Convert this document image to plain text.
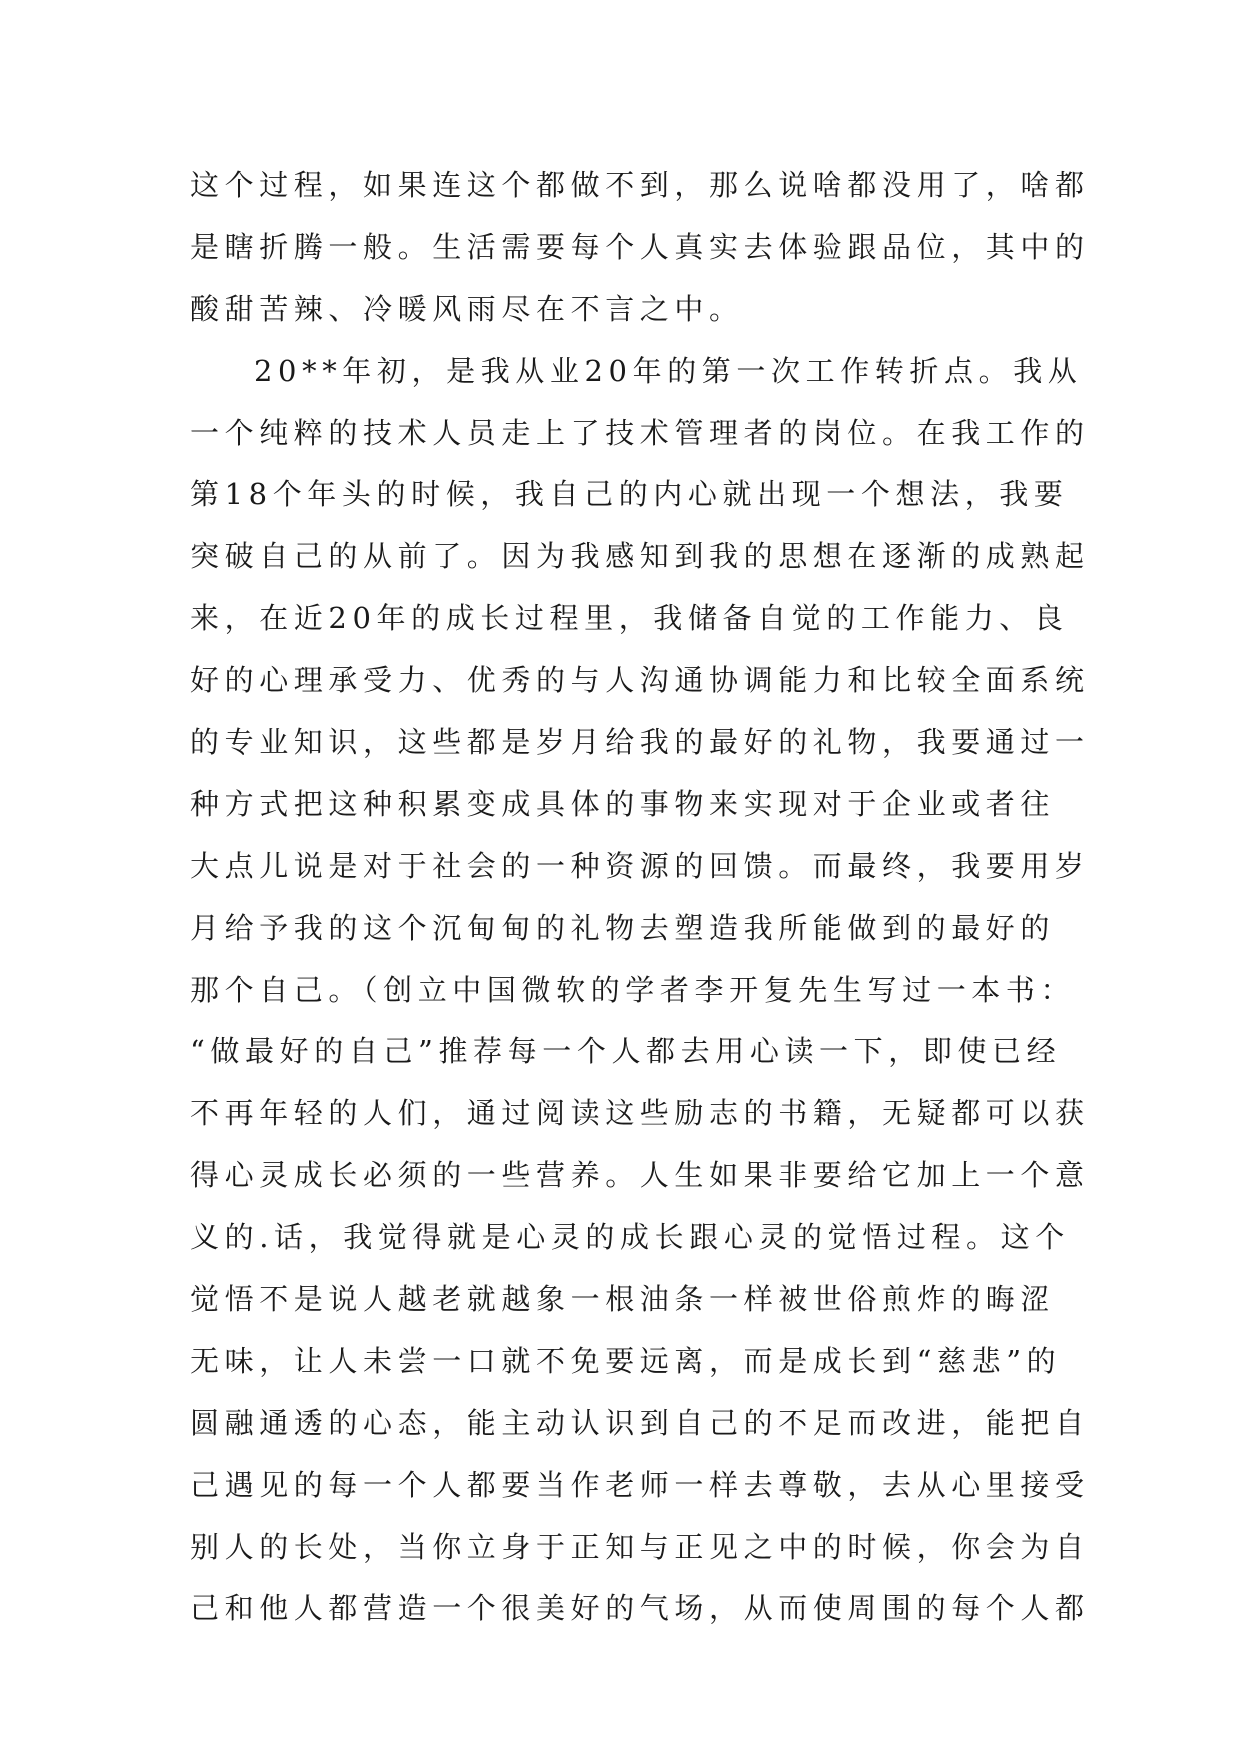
这个过程，如果连这个都做不到，那么说啥都没用了，啥都
是瞎折腾一般。生活需要每个人真实去体验跟品位，其中的
酸甜苦辣、冷暖风雨尽在不言之中。
20**年初，是我从业20年的第一次工作转折点。我从
一个纯粹的技术人员走上了技术管理者的岗位。在我工作的
第18个年头的时候，我自己的内心就出现一个想法，我要
突破自己的从前了。因为我感知到我的思想在逐渐的成熟起
来，在近20年的成长过程里，我储备自觉的工作能力、良
好的心理承受力、优秀的与人沟通协调能力和比较全面系统
的专业知识，这些都是岁月给我的最好的礼物，我要通过一
种方式把这种积累变成具体的事物来实现对于企业或者往
大点儿说是对于社会的一种资源的回馈。而最终，我要用岁
月给予我的这个沉甸甸的礼物去塑造我所能做到的最好的
那个自己。（创立中国微软的学者李开复先生写过一本书：
“做最好的自己”推荐每一个人都去用心读一下，即使已经
不再年轻的人们，通过阅读这些励志的书籍，无疑都可以获
得心灵成长必须的一些营养。人生如果非要给它加上一个意
义的.话，我觉得就是心灵的成长跟心灵的觉悟过程。这个
觉悟不是说人越老就越象一根油条一样被世俗煎炸的晦涩
无味，让人未尝一口就不免要远离，而是成长到“慈悲”的
圆融通透的心态，能主动认识到自己的不足而改进，能把自
己遇见的每一个人都要当作老师一样去尊敬，去从心里接受
别人的长处，当你立身于正知与正见之中的时候，你会为自
己和他人都营造一个很美好的气场，从而使周围的每个人都
